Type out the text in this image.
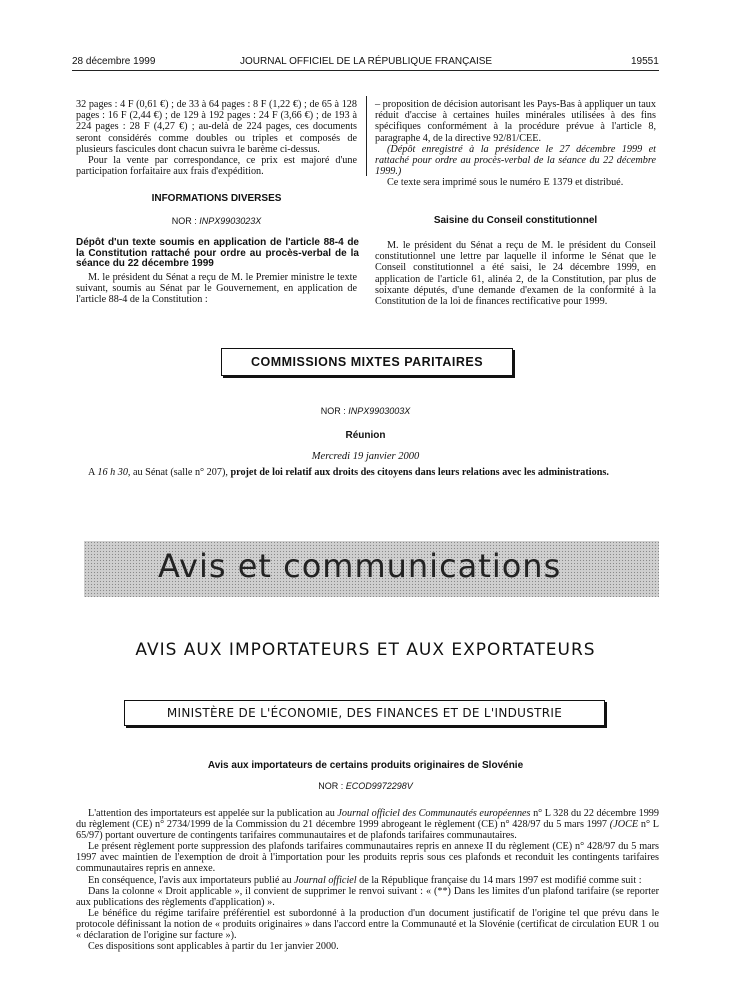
28 décembre 1999	JOURNAL OFFICIEL DE LA RÉPUBLIQUE FRANÇAISE	19551

32 pages : 4 F (0,61 €) ; de 33 à 64 pages : 8 F (1,22 €) ; de 65 à 128 pages : 16 F (2,44 €) ; de 129 à 192 pages : 24 F (3,66 €) ; de 193 à 224 pages : 28 F (4,27 €) ; au-delà de 224 pages, ces documents seront considérés comme doubles ou triples et composés de plusieurs fascicules dont chacun suivra le barème ci-dessus.

Pour la vente par correspondance, ce prix est majoré d'une participation forfaitaire aux frais d'expédition.

INFORMATIONS DIVERSES
NOR : INPX9903023X
Dépôt d'un texte soumis en application de l'article 88-4 de la Constitution rattaché pour ordre au procès-verbal de la séance du 22 décembre 1999

M. le président du Sénat a reçu de M. le Premier ministre le texte suivant, soumis au Sénat par le Gouvernement, en application de l'article 88-4 de la Constitution :

– proposition de décision autorisant les Pays-Bas à appliquer un taux réduit d'accise à certaines huiles minérales utilisées à des fins spécifiques conformément à la procédure prévue à l'article 8, paragraphe 4, de la directive 92/81/CEE.

(Dépôt enregistré à la présidence le 27 décembre 1999 et rattaché pour ordre au procès-verbal de la séance du 22 décembre 1999.)

Ce texte sera imprimé sous le numéro E 1379 et distribué.

Saisine du Conseil constitutionnel

M. le président du Sénat a reçu de M. le président du Conseil constitutionnel une lettre par laquelle il informe le Sénat que le Conseil constitutionnel a été saisi, le 24 décembre 1999, en application de l'article 61, alinéa 2, de la Constitution, par plus de soixante députés, d'une demande d'examen de la conformité à la Constitution de la loi de finances rectificative pour 1999.

COMMISSIONS MIXTES PARITAIRES
NOR : INPX9903003X
Réunion
Mercredi 19 janvier 2000
A 16 h 30, au Sénat (salle n° 207), projet de loi relatif aux droits des citoyens dans leurs relations avec les administrations.
Avis et communications
AVIS AUX IMPORTATEURS ET AUX EXPORTATEURS
MINISTÈRE DE L'ÉCONOMIE, DES FINANCES ET DE L'INDUSTRIE
Avis aux importateurs de certains produits originaires de Slovénie
NOR : ECOD9972298V

L'attention des importateurs est appelée sur la publication au Journal officiel des Communautés européennes n° L 328 du 22 décembre 1999 du règlement (CE) n° 2734/1999 de la Commission du 21 décembre 1999 abrogeant le règlement (CE) n° 428/97 du 5 mars 1997 (JOCE n° L 65/97) portant ouverture de contingents tarifaires communautaires et de plafonds tarifaires communautaires.

Le présent règlement porte suppression des plafonds tarifaires communautaires repris en annexe II du règlement (CE) n° 428/97 du 5 mars 1997 avec maintien de l'exemption de droit à l'importation pour les produits repris sous ces plafonds et reconduit les contingents tarifaires communautaires repris en annexe.

En conséquence, l'avis aux importateurs publié au Journal officiel de la République française du 14 mars 1997 est modifié comme suit :

Dans la colonne « Droit applicable », il convient de supprimer le renvoi suivant : « (**) Dans les limites d'un plafond tarifaire (se reporter aux publications des règlements d'application) ».

Le bénéfice du régime tarifaire préférentiel est subordonné à la production d'un document justificatif de l'origine tel que prévu dans le protocole définissant la notion de « produits originaires » dans l'accord entre la Communauté et la Slovénie (certificat de circulation EUR 1 ou « déclaration de l'origine sur facture »).

Ces dispositions sont applicables à partir du 1er janvier 2000.
